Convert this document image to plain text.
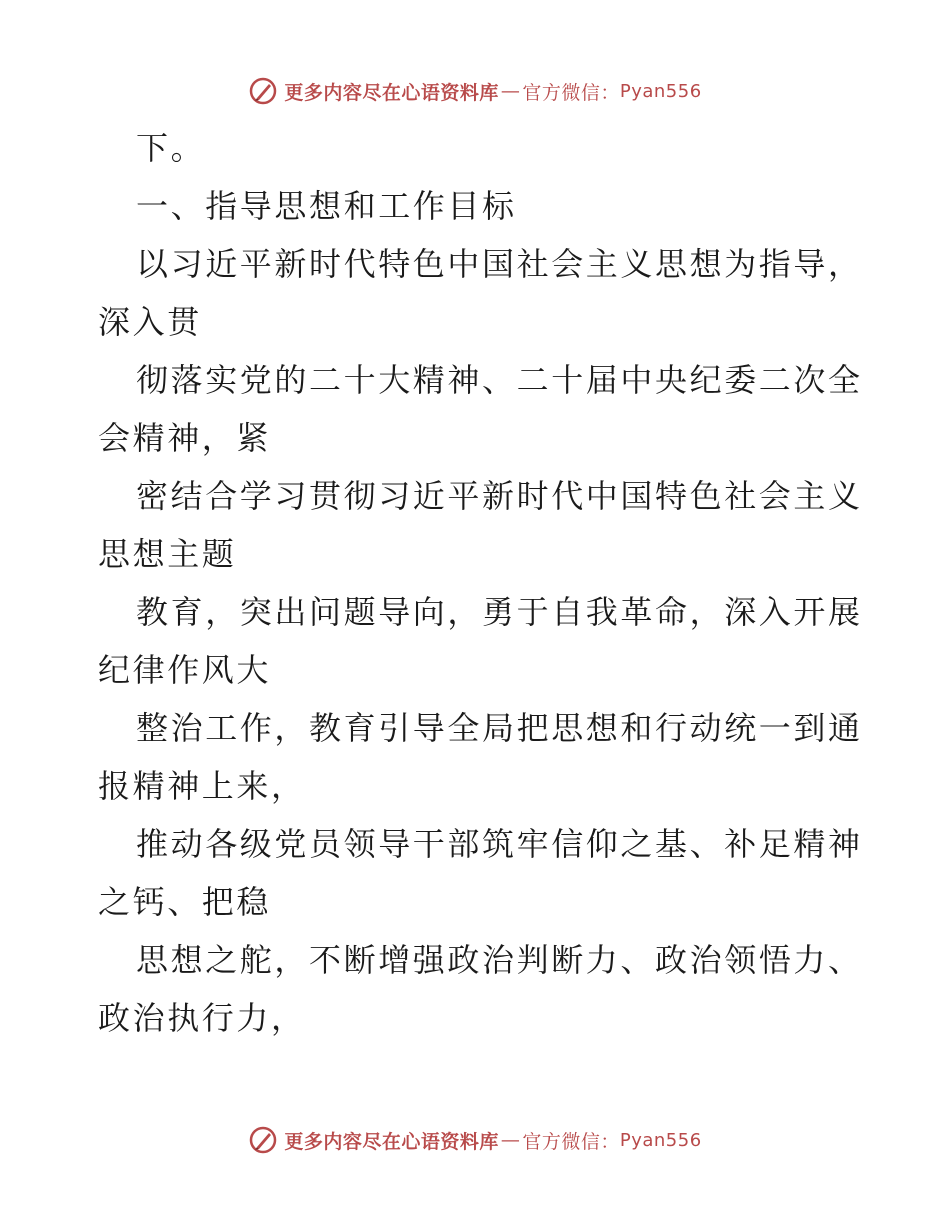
更多内容尽在心语资料库 — 官方微信： Pyan556
下。
一、指导思想和工作目标
以习近平新时代特色中国社会主义思想为指导，
深入贯
彻落实党的二十大精神、二十届中央纪委二次全
会精神，紧
密结合学习贯彻习近平新时代中国特色社会主义
思想主题
教育，突出问题导向，勇于自我革命，深入开展
纪律作风大
整治工作，教育引导全局把思想和行动统一到通
报精神上来，
推动各级党员领导干部筑牢信仰之基、补足精神
之钙、把稳
思想之舵，不断增强政治判断力、政治领悟力、
政治执行力，
更多内容尽在心语资料库 — 官方微信： Pyan556
